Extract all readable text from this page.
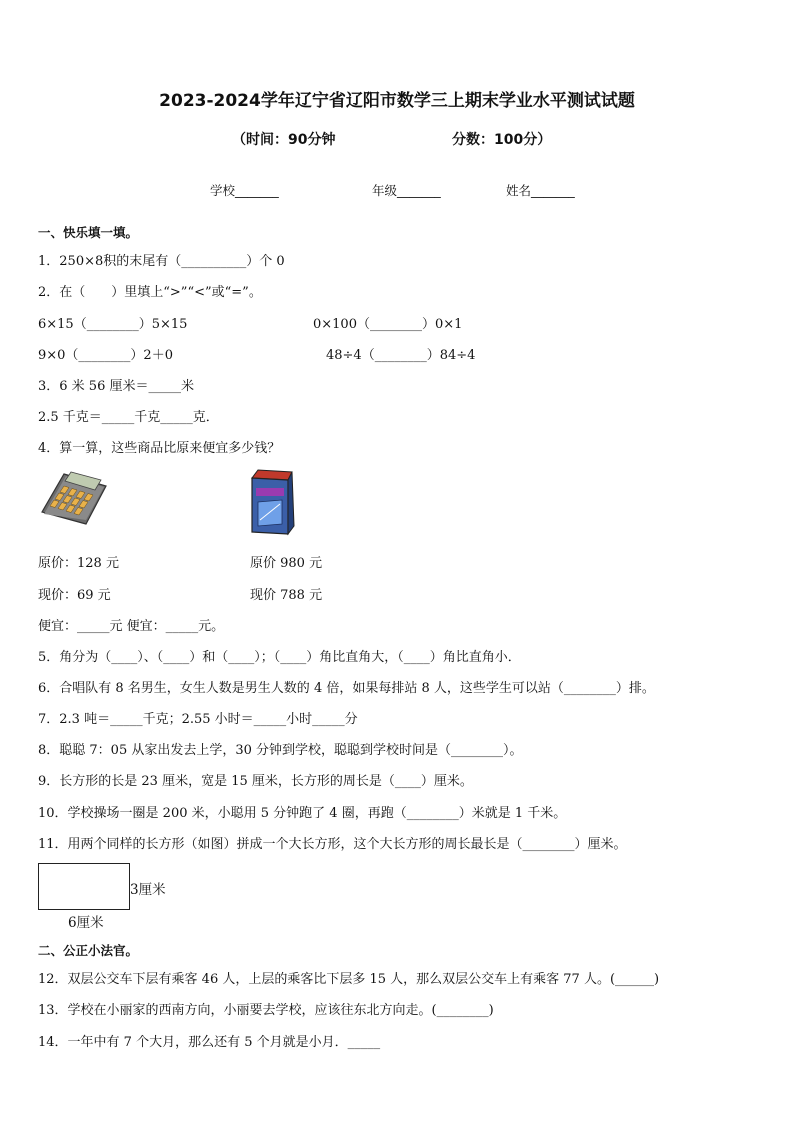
2023-2024学年辽宁省辽阳市数学三上期末学业水平测试试题
（时间：90分钟	分数：100分）
学校_______	年级_______	姓名_______
一、快乐填一填。
1．250×8积的末尾有（__________）个 0
2．在（　　）里填上“>”“<”或“=”。
6×15（________）5×15	0×100（________）0×1
9×0（________）2＋0	48÷4（________）84÷4
3．6 米 56 厘米＝_____米
2.5 千克＝_____千克_____克．
4．算一算，这些商品比原来便宜多少钱？
原价：128 元	原价 980 元
现价：69 元	现价 788 元
便宜：_____元 便宜：_____元。
5．角分为（____）、（____）和（____）；（____）角比直角大，（____）角比直角小．
6．合唱队有 8 名男生，女生人数是男生人数的 4 倍，如果每排站 8 人，这些学生可以站（________）排。
7．2.3 吨＝_____千克；2.55 小时＝_____小时_____分
8．聪聪 7：05 从家出发去上学，30 分钟到学校，聪聪到学校时间是（________）。
9．长方形的长是 23 厘米，宽是 15 厘米，长方形的周长是（____）厘米。
10．学校操场一圈是 200 米，小聪用 5 分钟跑了 4 圈，再跑（________）米就是 1 千米。
11．用两个同样的长方形（如图）拼成一个大长方形，这个大长方形的周长最长是（________）厘米。
3厘米
6厘米
二、公正小法官。
12．双层公交车下层有乘客 46 人，上层的乘客比下层多 15 人，那么双层公交车上有乘客 77 人。(______)
13．学校在小丽家的西南方向，小丽要去学校，应该往东北方向走。(________)
14．一年中有 7 个大月，那么还有 5 个月就是小月．_____
